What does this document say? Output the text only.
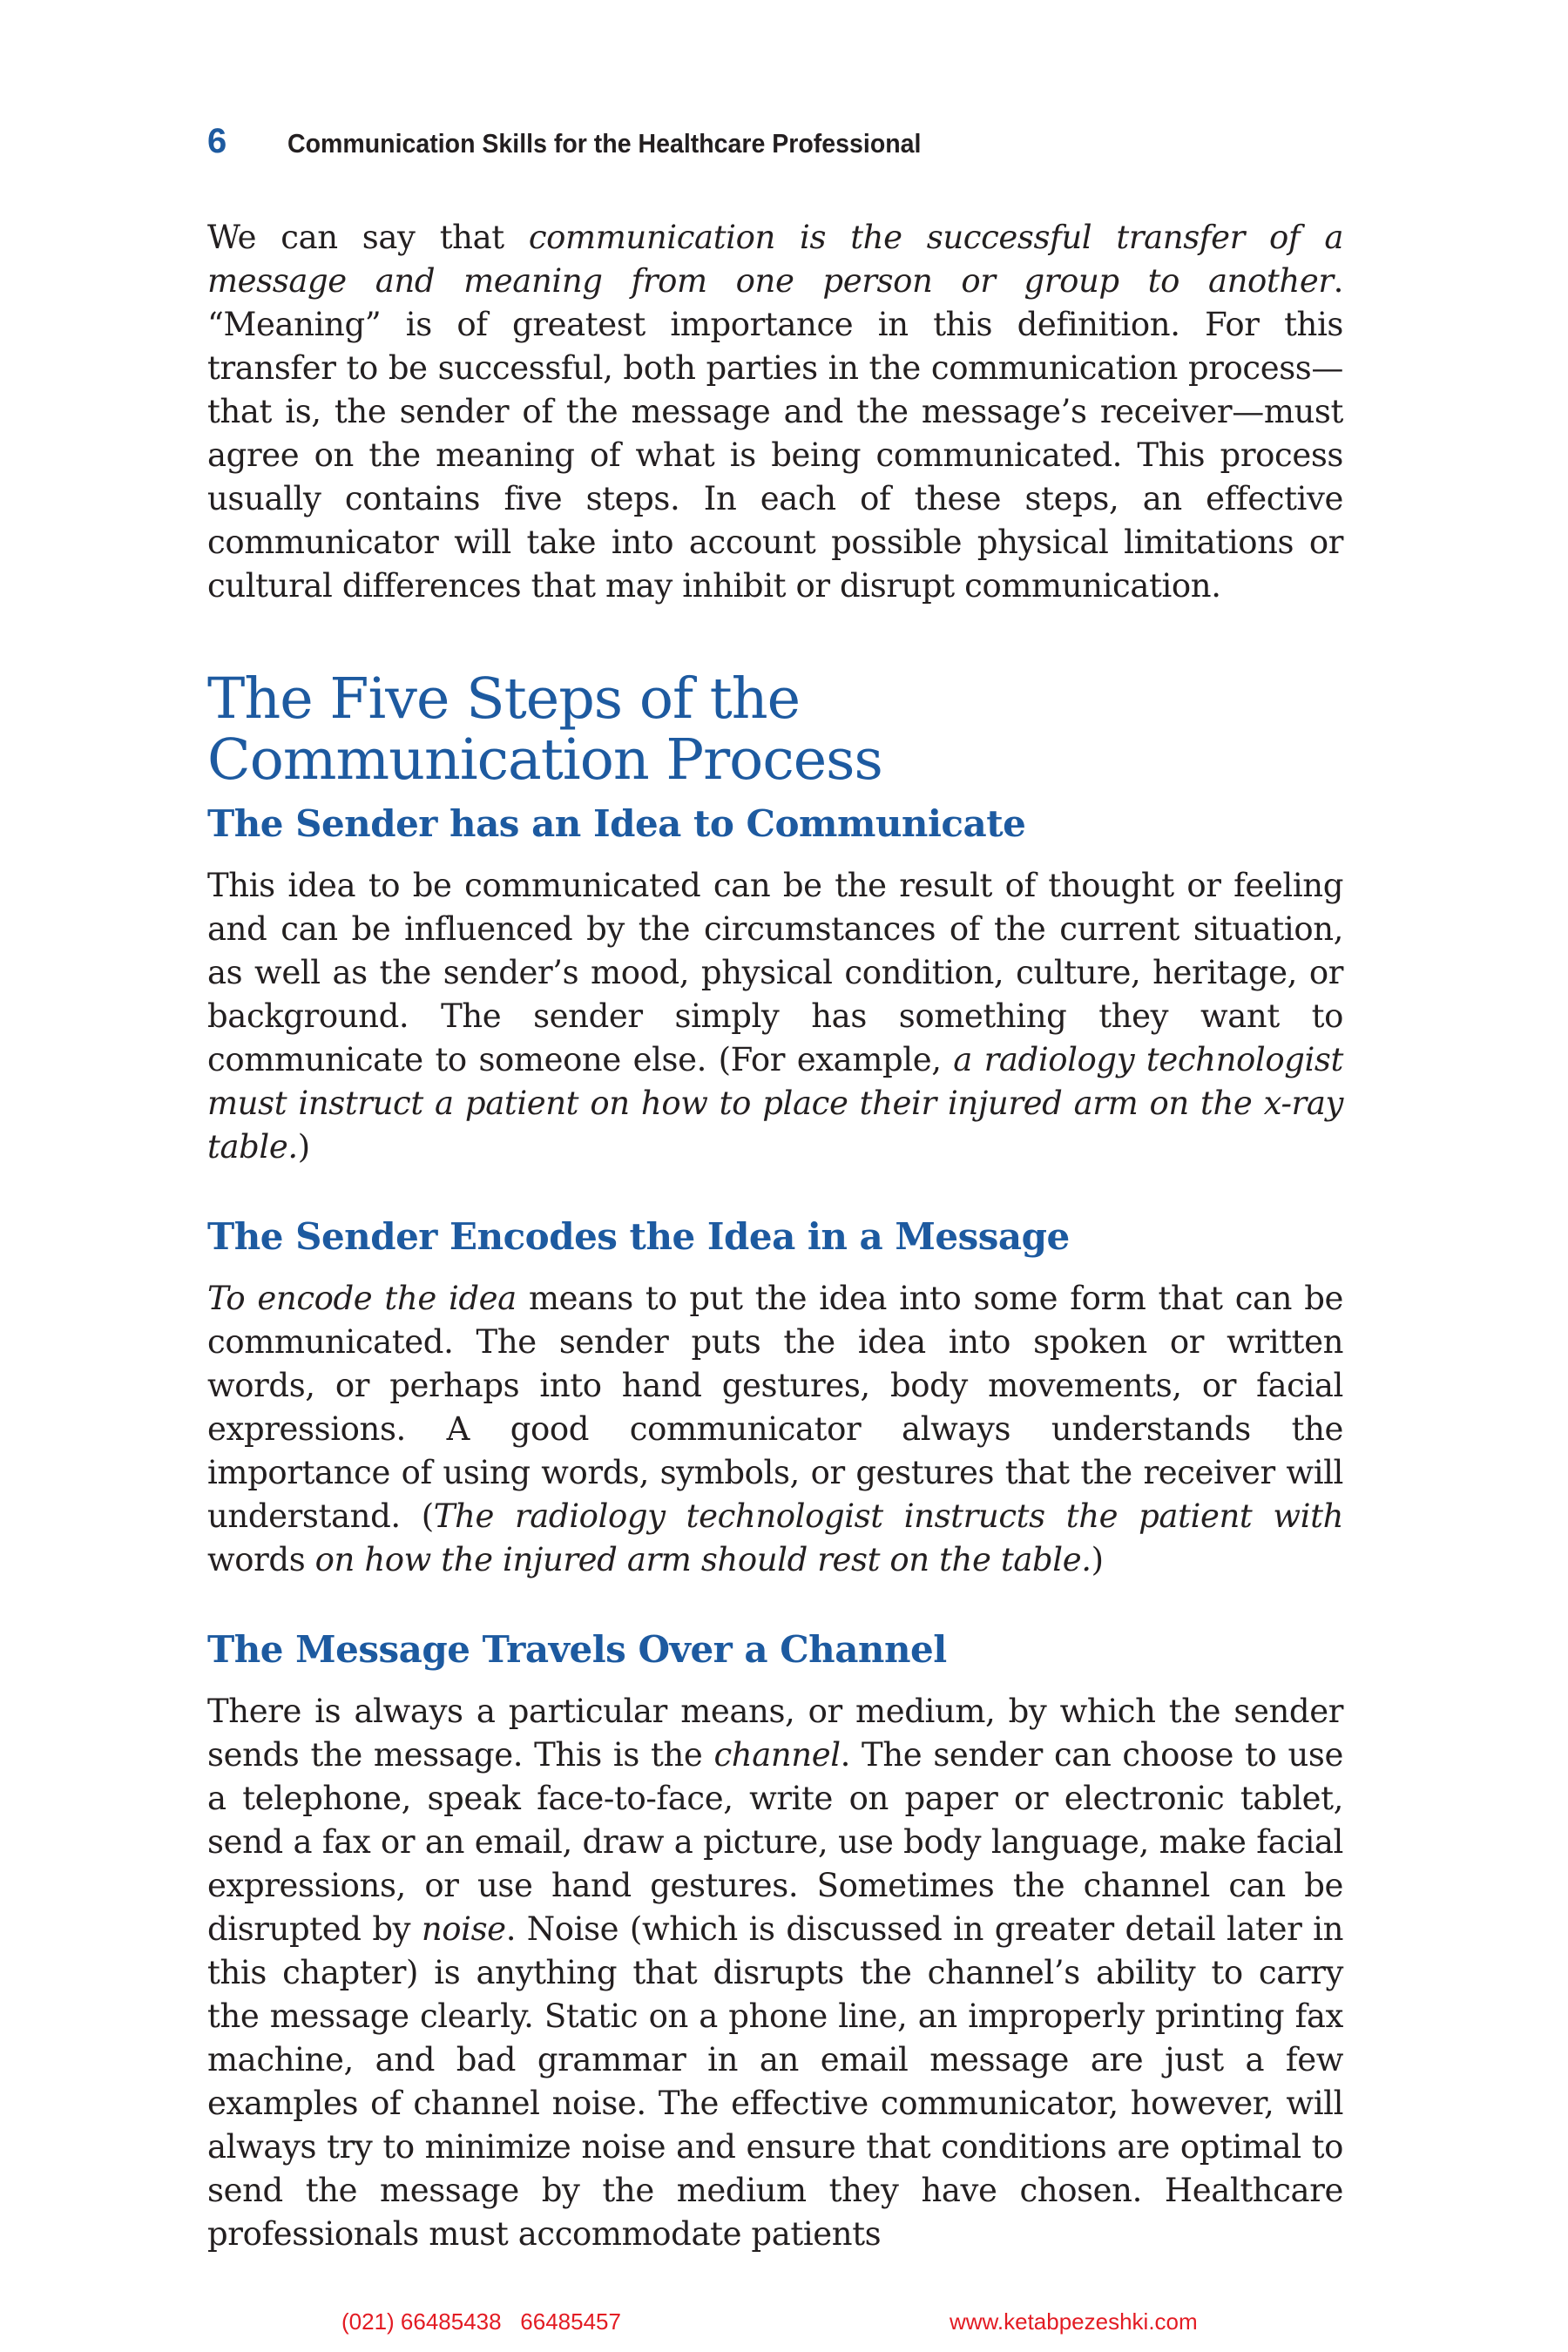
6 Communication Skills for the Healthcare Professional

We can say that communication is the successful transfer of a message and meaning from one person or group to another. “Meaning” is of greatest importance in this definition. For this transfer to be successful, both parties in the communication process—that is, the sender of the message and the message’s receiver—must agree on the meaning of what is being communicated. This process usually contains five steps. In each of these steps, an effective communicator will take into account possible physical limitations or cultural differences that may inhibit or disrupt communication.

The Five Steps of the
Communication Process
The Sender has an Idea to Communicate

This idea to be communicated can be the result of thought or feeling and can be influenced by the circumstances of the current situation, as well as the sender’s mood, physical condition, culture, heritage, or background. The sender simply has something they want to communicate to someone else. (For example, a radiology technologist must instruct a patient on how to place their injured arm on the x-ray table.)

The Sender Encodes the Idea in a Message

To encode the idea means to put the idea into some form that can be communicated. The sender puts the idea into spoken or written words, or perhaps into hand gestures, body movements, or facial expressions. A good communicator always understands the importance of using words, symbols, or gestures that the receiver will understand. (The radiology technologist instructs the patient with words on how the injured arm should rest on the table.)

The Message Travels Over a Channel

There is always a particular means, or medium, by which the sender sends the message. This is the channel. The sender can choose to use a telephone, speak face-to-face, write on paper or electronic tablet, send a fax or an email, draw a picture, use body language, make facial expressions, or use hand gestures. Sometimes the channel can be disrupted by noise. Noise (which is discussed in greater detail later in this chapter) is anything that disrupts the channel’s ability to carry the message clearly. Static on a phone line, an improperly printing fax machine, and bad grammar in an email message are just a few examples of channel noise. The effective communicator, however, will always try to minimize noise and ensure that conditions are optimal to send the message by the medium they have chosen. Healthcare professionals must accommodate patients

(021) 66485438   66485457	www.ketabpezeshki.com
